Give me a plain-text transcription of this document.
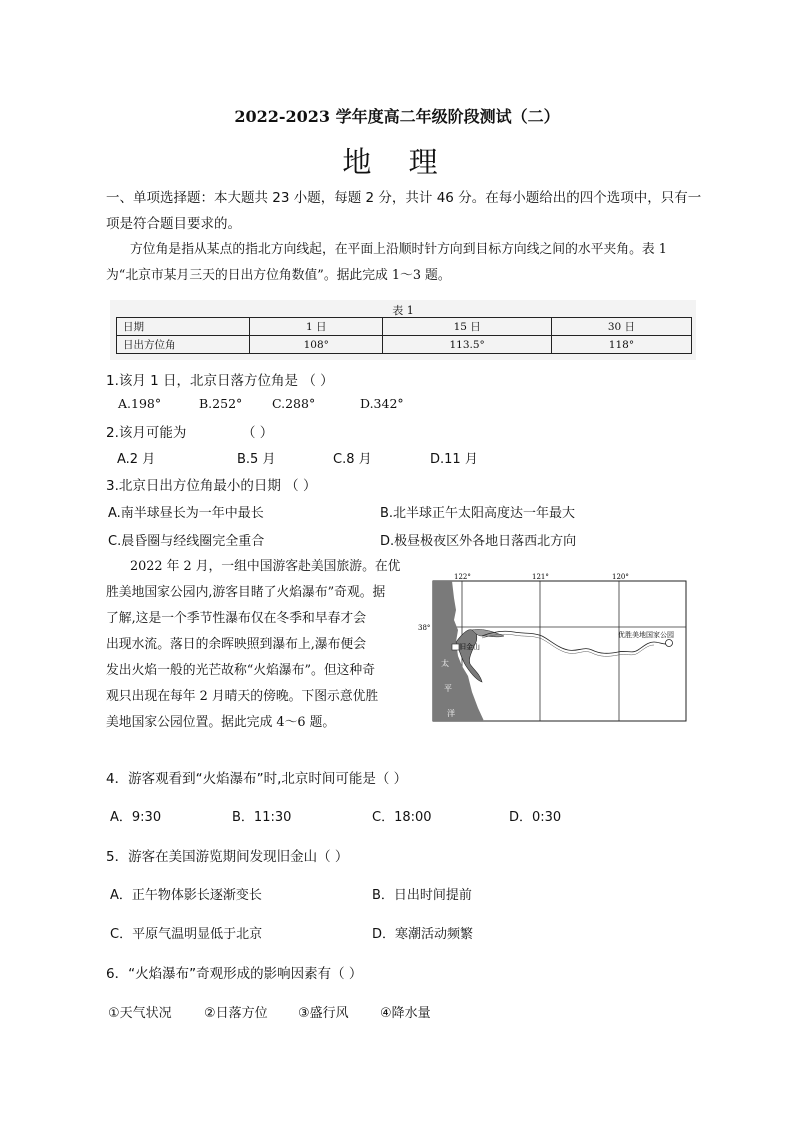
2022-2023 学年度高二年级阶段测试（二）
地 理
一、单项选择题：本大题共 23 小题，每题 2 分，共计 46 分。在每小题给出的四个选项中，只有一
项是符合题目要求的。
方位角是指从某点的指北方向线起，在平面上沿顺时针方向到目标方向线之间的水平夹角。表 1
为“北京市某月三天的日出方位角数值”。据此完成 1～3 题。
表 1
日期	1 日	15 日	30 日
日出方位角	108°	113.5°	118°
1.该月 1 日，北京日落方位角是 （ ）
A.198°	B.252° C.288°	D.342°
2.该月可能为	（ ）
A.2 月	B.5 月	C.8 月	D.11 月
3.北京日出方位角最小的日期 （ ）
A.南半球昼长为一年中最长	B.北半球正午太阳高度达一年最大
C.晨昏圈与经线圈完全重合	D.极昼极夜区外各地日落西北方向
2022 年 2 月，一组中国游客赴美国旅游。在优
胜美地国家公园内,游客目睹了火焰瀑布”奇观。据
了解,这是一个季节性瀑布仅在冬季和早春才会
出现水流。落日的余晖映照到瀑布上,瀑布便会
发出火焰一般的光芒故称“火焰瀑布”。但这种奇
观只出现在每年 2 月晴天的傍晚。下图示意优胜
美地国家公园位置。据此完成 4～6 题。
122°	121°	120°
38°
优胜美地国家公园
旧金山
太
平
洋
4．游客观看到“火焰瀑布”时,北京时间可能是（ ）
A．9:30	B．11:30	C．18:00	D．0:30
5．游客在美国游览期间发现旧金山（ ）
A．正午物体影长逐渐变长	B．日出时间提前
C．平原气温明显低于北京	D．寒潮活动频繁
6．“火焰瀑布”奇观形成的影响因素有（ ）
①天气状况 ②日落方位 ③盛行风 ④降水量
